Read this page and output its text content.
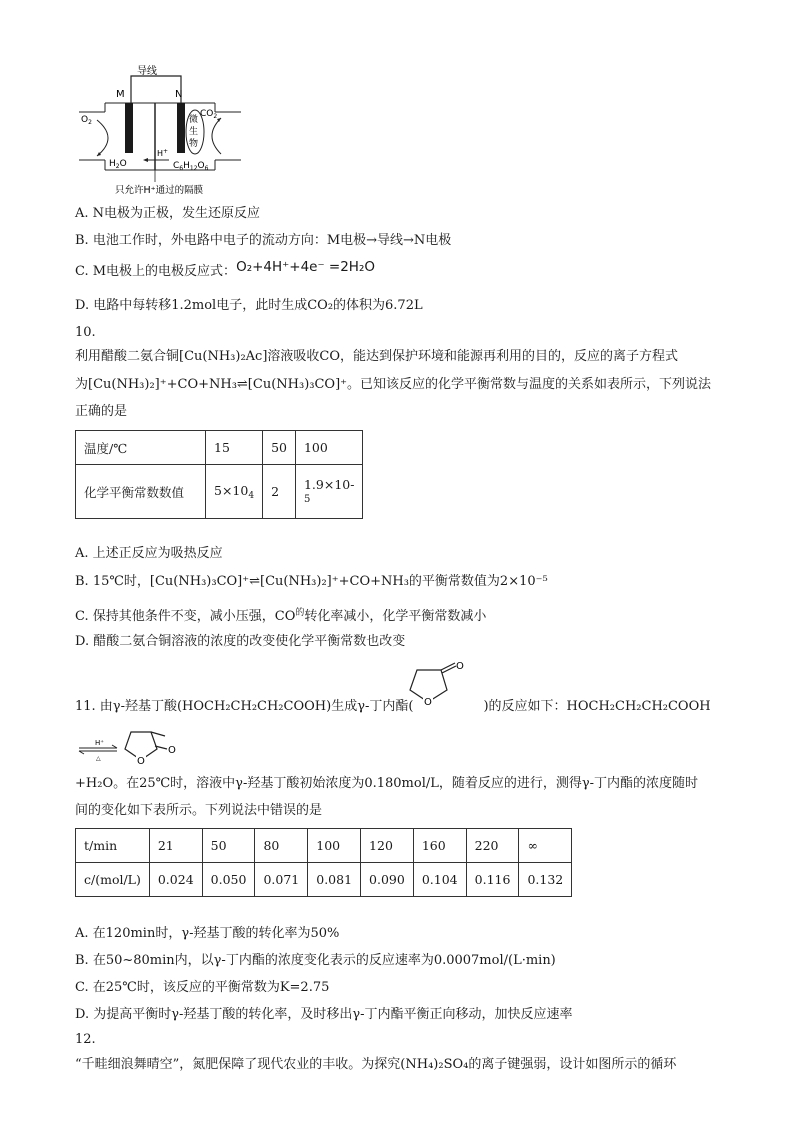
导线
M	N
$O_2$
$H_2O$
H+
微
生
物
$CO_2$
$C_6H_{12}O_6$
只允许H⁺通过的隔膜
A. N电极为正极，发生还原反应
B. 电池工作时，外电路中电子的流动方向：M电极→导线→N电极
C. M电极上的电极反应式：O₂+4H⁺+4e⁻ =2H₂O
D. 电路中每转移1.2mol电子，此时生成CO₂的体积为6.72L
10.
利用醋酸二氨合铜[Cu(NH₃)₂Ac]溶液吸收CO，能达到保护环境和能源再利用的目的，反应的离子方程式
为[Cu(NH₃)₂]⁺+CO+NH₃⇌[Cu(NH₃)₃CO]⁺。已知该反应的化学平衡常数与温度的关系如表所示，下列说法
正确的是
温度/℃	15	50	100
化学平衡常数数值	$5\times 10_4$	2	1.9×10-
5
A. 上述正反应为吸热反应
B. 15℃时，[Cu(NH₃)₃CO]⁺⇌[Cu(NH₃)₂]⁺+CO+NH₃的平衡常数值为2×10⁻⁵
C. 保持其他条件不变，减小压强，$CO^的$转化率减小，化学平衡常数减小
D. 醋酸二氨合铜溶液的浓度的改变使化学平衡常数也改变
O
O
11. 由γ-羟基丁酸(HOCH₂CH₂CH₂COOH)生成γ-丁内酯(	)的反应如下：HOCH₂CH₂CH₂COOH
H⁺
△
O
O
+H₂O。在25℃时，溶液中γ-羟基丁酸初始浓度为0.180mol/L，随着反应的进行，测得γ-丁内酯的浓度随时
间的变化如下表所示。下列说法中错误的是
t/min	21	50	80	100	120	160	220	∞
c/(mol/L)	0.024	0.050	0.071	0.081	0.090	0.104	0.116	0.132
A. 在120min时，γ-羟基丁酸的转化率为50%
B. 在50~80min内，以γ-丁内酯的浓度变化表示的反应速率为0.0007mol/(L·min)
C. 在25℃时，该反应的平衡常数为K=2.75
D. 为提高平衡时γ-羟基丁酸的转化率，及时移出γ-丁内酯平衡正向移动，加快反应速率
12.
“千畦细浪舞晴空”，氮肥保障了现代农业的丰收。为探究(NH₄)₂SO₄的离子键强弱，设计如图所示的循环
